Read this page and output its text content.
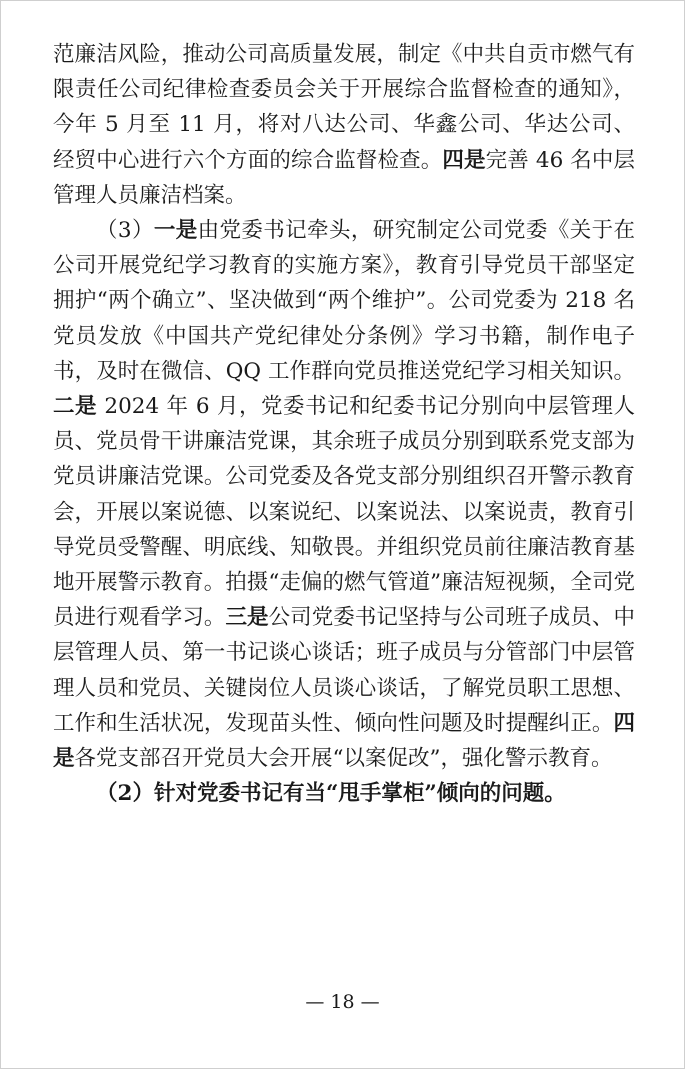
范廉洁风险，推动公司高质量发展，制定《中共自贡市燃气有限责任公司纪律检查委员会关于开展综合监督检查的通知》，今年 5 月至 11 月，将对八达公司、华鑫公司、华达公司、经贸中心进行六个方面的综合监督检查。四是完善 46 名中层管理人员廉洁档案。

（3）一是由党委书记牵头，研究制定公司党委《关于在公司开展党纪学习教育的实施方案》，教育引导党员干部坚定拥护“两个确立”、坚决做到“两个维护”。公司党委为 218 名党员发放《中国共产党纪律处分条例》学习书籍，制作电子书，及时在微信、QQ 工作群向党员推送党纪学习相关知识。二是 2024 年 6 月，党委书记和纪委书记分别向中层管理人员、党员骨干讲廉洁党课，其余班子成员分别到联系党支部为党员讲廉洁党课。公司党委及各党支部分别组织召开警示教育会，开展以案说德、以案说纪、以案说法、以案说责，教育引导党员受警醒、明底线、知敬畏。并组织党员前往廉洁教育基地开展警示教育。拍摄“走偏的燃气管道”廉洁短视频，全司党员进行观看学习。三是公司党委书记坚持与公司班子成员、中层管理人员、第一书记谈心谈话；班子成员与分管部门中层管理人员和党员、关键岗位人员谈心谈话，了解党员职工思想、工作和生活状况，发现苗头性、倾向性问题及时提醒纠正。四是各党支部召开党员大会开展“以案促改”，强化警示教育。

（2）针对党委书记有当“甩手掌柜”倾向的问题。

— 18 —
